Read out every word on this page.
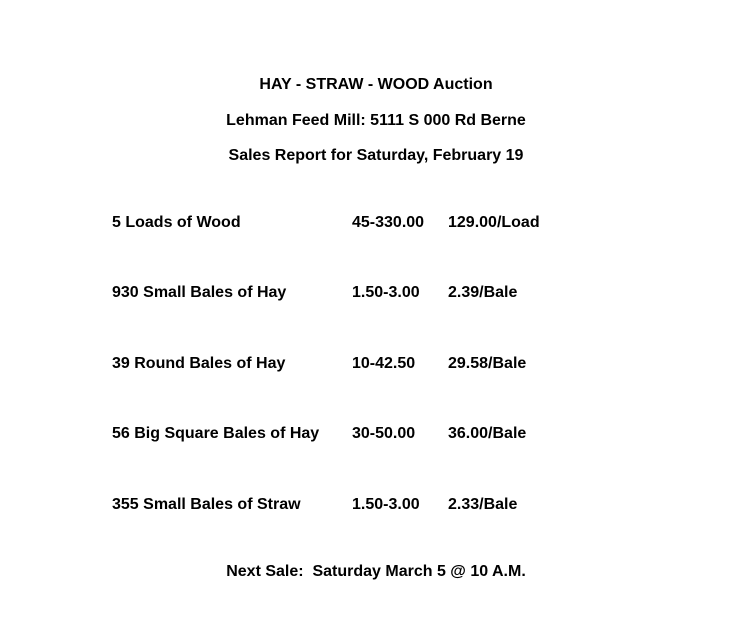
HAY - STRAW - WOOD Auction
Lehman Feed Mill: 5111 S 000 Rd Berne
Sales Report for Saturday, February 19
5 Loads of Wood	45-330.00 129.00/Load
930 Small Bales of Hay	1.50-3.00 2.39/Bale
39 Round Bales of Hay	10-42.50 29.58/Bale
56 Big Square Bales of Hay 30-50.00 36.00/Bale
355 Small Bales of Straw	1.50-3.00 2.33/Bale
Next Sale:  Saturday March 5 @ 10 A.M.
